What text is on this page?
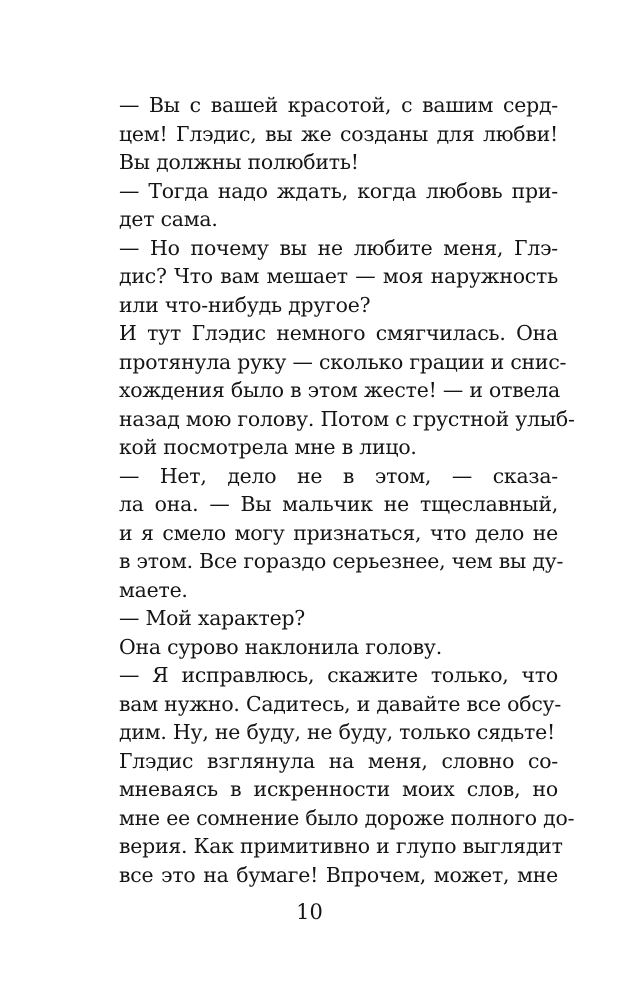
— Вы с вашей красотой, с вашим серд-
цем! Глэдис, вы же созданы для любви!
Вы должны полюбить!
— Тогда надо ждать, когда любовь при-
дет сама.
— Но почему вы не любите меня, Глэ-
дис? Что вам мешает — моя наружность
или что-нибудь другое?
И тут Глэдис немного смягчилась. Она
протянула руку — сколько грации и снис-
хождения было в этом жесте! — и отвела
назад мою голову. Потом с грустной улыб-
кой посмотрела мне в лицо.
— Нет, дело не в этом, — сказа-
ла она. — Вы мальчик не тщеславный,
и я смело могу признаться, что дело не
в этом. Все гораздо серьезнее, чем вы ду-
маете.
— Мой характер?
Она сурово наклонила голову.
— Я исправлюсь, скажите только, что
вам нужно. Садитесь, и давайте все обсу-
дим. Ну, не буду, не буду, только сядьте!
Глэдис взглянула на меня, словно со-
мневаясь в искренности моих слов, но
мне ее сомнение было дороже полного до-
верия. Как примитивно и глупо выглядит
все это на бумаге! Впрочем, может, мне
10
